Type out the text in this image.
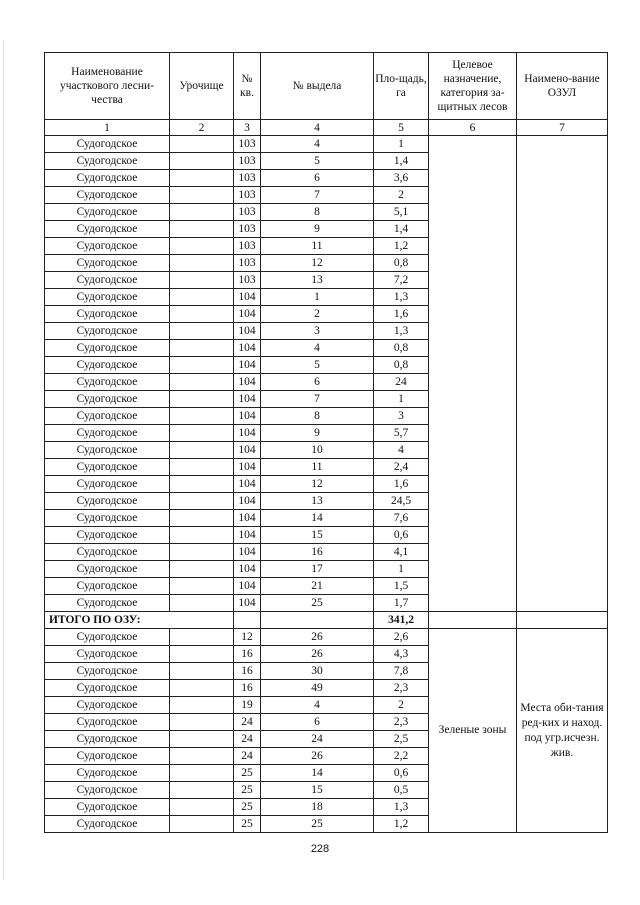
Наименование участкового лесни-чества	Урочище	№ кв.	№ выдела	Пло-щадь, га	Целевое назначение, категория за-щитных лесов	Наимено-вание ОЗУЛ
1	2	3	4	5	6	7
Судогодское		103	4	1		
Судогодское		103	5	1,4		
Судогодское		103	6	3,6		
Судогодское		103	7	2		
Судогодское		103	8	5,1		
Судогодское		103	9	1,4		
Судогодское		103	11	1,2		
Судогодское		103	12	0,8		
Судогодское		103	13	7,2		
Судогодское		104	1	1,3		
Судогодское		104	2	1,6		
Судогодское		104	3	1,3		
Судогодское		104	4	0,8		
Судогодское		104	5	0,8		
Судогодское		104	6	24		
Судогодское		104	7	1		
Судогодское		104	8	3		
Судогодское		104	9	5,7		
Судогодское		104	10	4		
Судогодское		104	11	2,4		
Судогодское		104	12	1,6		
Судогодское		104	13	24,5		
Судогодское		104	14	7,6		
Судогодское		104	15	0,6		
Судогодское		104	16	4,1		
Судогодское		104	17	1		
Судогодское		104	21	1,5		
Судогодское		104	25	1,7		
ИТОГО ПО ОЗУ:				341,2		
Судогодское		12	26	2,6	Зеленые зоны	Места оби-тания ред-ких и наход. под угр.исчезн. жив.
Судогодское		16	26	4,3		
Судогодское		16	30	7,8		
Судогодское		16	49	2,3		
Судогодское		19	4	2		
Судогодское		24	6	2,3		
Судогодское		24	24	2,5		
Судогодское		24	26	2,2		
Судогодское		25	14	0,6		
Судогодское		25	15	0,5		
Судогодское		25	18	1,3		
Судогодское		25	25	1,2		
228
